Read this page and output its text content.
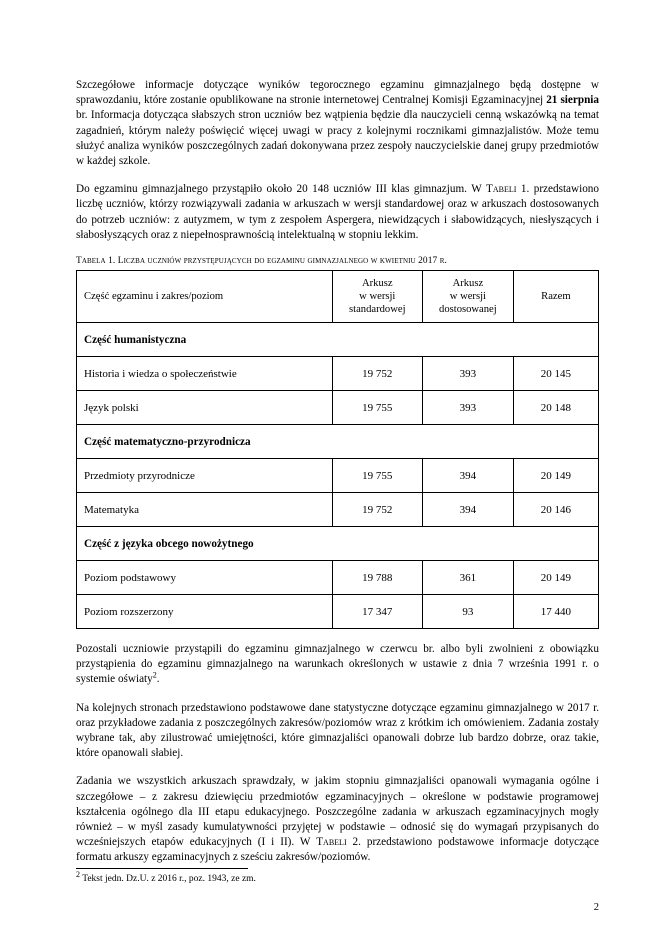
Szczegółowe informacje dotyczące wyników tegorocznego egzaminu gimnazjalnego będą dostępne w sprawozdaniu, które zostanie opublikowane na stronie internetowej Centralnej Komisji Egzaminacyjnej 21 sierpnia br. Informacja dotycząca słabszych stron uczniów bez wątpienia będzie dla nauczycieli cenną wskazówką na temat zagadnień, którym należy poświęcić więcej uwagi w pracy z kolejnymi rocznikami gimnazjalistów. Może temu służyć analiza wyników poszczególnych zadań dokonywana przez zespoły nauczycielskie danej grupy przedmiotów w każdej szkole.

Do egzaminu gimnazjalnego przystąpiło około 20 148 uczniów III klas gimnazjum. W Tabeli 1. przedstawiono liczbę uczniów, którzy rozwiązywali zadania w arkuszach w wersji standardowej oraz w arkuszach dostosowanych do potrzeb uczniów: z autyzmem, w tym z zespołem Aspergera, niewidzących i słabowidzących, niesłyszących i słabosłyszących oraz z niepełnosprawnością intelektualną w stopniu lekkim.

Tabela 1. Liczba uczniów przystępujących do egzaminu gimnazjalnego w kwietniu 2017 r.

Część egzaminu i zakres/poziom	Arkusz
w wersji
standardowej	Arkusz
w wersji
dostosowanej	Razem
Część humanistyczna			
Historia i wiedza o społeczeństwie	19 752	393	20 145
Język polski	19 755	393	20 148
Część matematyczno-przyrodnicza			
Przedmioty przyrodnicze	19 755	394	20 149
Matematyka	19 752	394	20 146
Część z języka obcego nowożytnego			
Poziom podstawowy	19 788	361	20 149
Poziom rozszerzony	17 347	93	17 440

Pozostali uczniowie przystąpili do egzaminu gimnazjalnego w czerwcu br. albo byli zwolnieni z obowiązku przystąpienia do egzaminu gimnazjalnego na warunkach określonych w ustawie z dnia 7 września 1991 r. o systemie oświaty$^2$.

Na kolejnych stronach przedstawiono podstawowe dane statystyczne dotyczące egzaminu gimnazjalnego w 2017 r. oraz przykładowe zadania z poszczególnych zakresów/poziomów wraz z krótkim ich omówieniem. Zadania zostały wybrane tak, aby zilustrować umiejętności, które gimnazjaliści opanowali dobrze lub bardzo dobrze, oraz takie, które opanowali słabiej.

Zadania we wszystkich arkuszach sprawdzały, w jakim stopniu gimnazjaliści opanowali wymagania ogólne i szczegółowe – z zakresu dziewięciu przedmiotów egzaminacyjnych – określone w podstawie programowej kształcenia ogólnego dla III etapu edukacyjnego. Poszczególne zadania w arkuszach egzaminacyjnych mogły również – w myśl zasady kumulatywności przyjętej w podstawie – odnosić się do wymagań przypisanych do wcześniejszych etapów edukacyjnych (I i II). W Tabeli 2. przedstawiono podstawowe informacje dotyczące formatu arkuszy egzaminacyjnych z sześciu zakresów/poziomów.

$^2$ Tekst jedn. Dz.U. z 2016 r., poz. 1943, ze zm.
2
